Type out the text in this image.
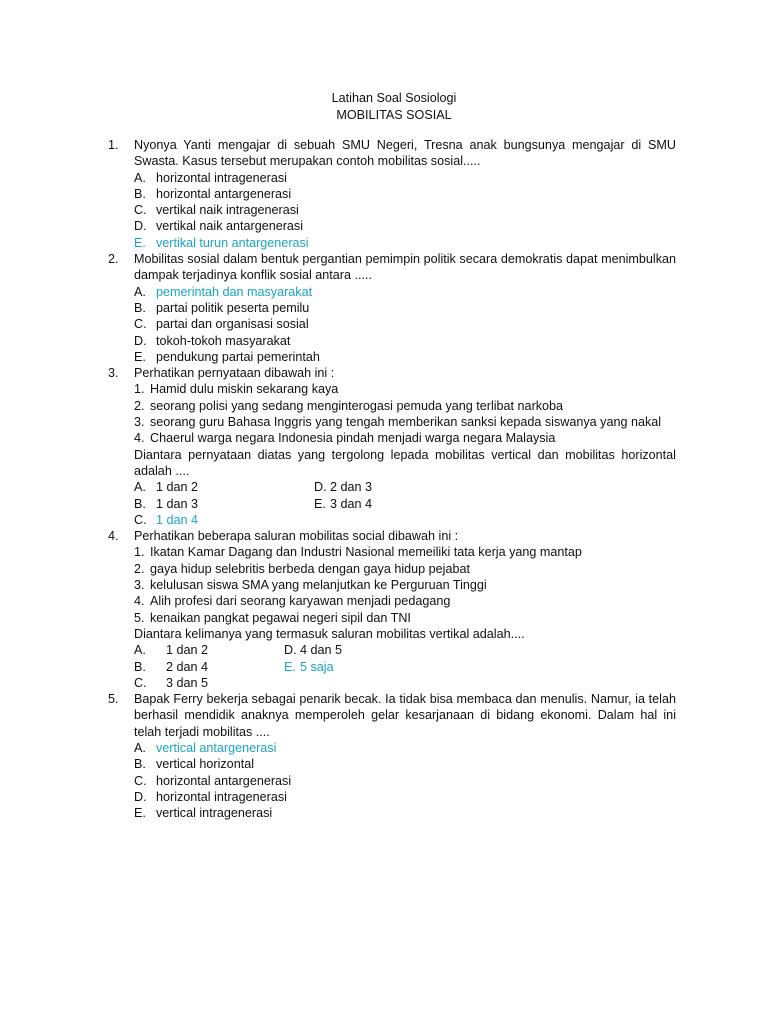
Latihan Soal Sosiologi
MOBILITAS SOSIAL
1. Nyonya Yanti mengajar di sebuah SMU Negeri, Tresna anak bungsunya mengajar di SMU Swasta. Kasus tersebut merupakan contoh mobilitas sosial.....
A. horizontal intragenerasi
B. horizontal antargenerasi
C. vertikal naik intragenerasi
D. vertikal naik antargenerasi
E. vertikal turun antargenerasi
2. Mobilitas sosial dalam bentuk pergantian pemimpin politik secara demokratis dapat menimbulkan dampak terjadinya konflik sosial antara .....
A. pemerintah dan masyarakat
B. partai politik peserta pemilu
C. partai dan organisasi sosial
D. tokoh-tokoh masyarakat
E. pendukung partai pemerintah
3. Perhatikan pernyataan dibawah ini :
1. Hamid dulu miskin sekarang kaya
2. seorang polisi yang sedang menginterogasi pemuda yang terlibat narkoba
3. seorang guru Bahasa Inggris yang tengah memberikan sanksi kepada siswanya yang nakal
4. Chaerul warga negara Indonesia pindah menjadi warga negara Malaysia
Diantara pernyataan diatas yang tergolong lepada mobilitas vertical dan mobilitas horizontal adalah ....
A. 1 dan 2	D. 2 dan 3
B. 1 dan 3	E. 3 dan 4
C. 1 dan 4
4. Perhatikan beberapa saluran mobilitas social dibawah ini :
1. Ikatan Kamar Dagang dan Industri Nasional memeiliki tata kerja yang mantap
2. gaya hidup selebritis berbeda dengan gaya hidup pejabat
3. kelulusan siswa SMA yang melanjutkan ke Perguruan Tinggi
4. Alih profesi dari seorang karyawan menjadi pedagang
5. kenaikan pangkat pegawai negeri sipil dan TNI
Diantara kelimanya yang termasuk saluran mobilitas vertikal adalah....
A. 1 dan 2	D. 4 dan 5
B. 2 dan 4	E. 5 saja
C. 3 dan 5
5. Bapak Ferry bekerja sebagai penarik becak. Ia tidak bisa membaca dan menulis. Namur, ia telah berhasil mendidik anaknya memperoleh gelar kesarjanaan di bidang ekonomi. Dalam hal ini telah terjadi mobilitas ....
A. vertical antargenerasi
B. vertical horizontal
C. horizontal antargenerasi
D. horizontal intragenerasi
E. vertical intragenerasi
